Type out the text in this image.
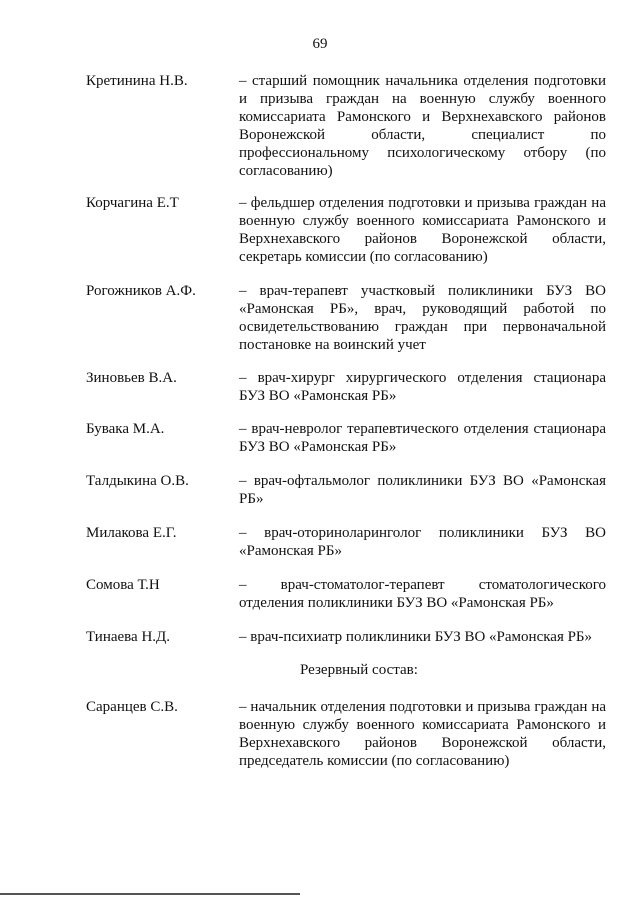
69
Кретинина Н.В.	– старший помощник начальника отделения подготовки и призыва граждан на военную службу военного комиссариата Рамонского и Верхнехавского районов Воронежской области, специалист по профессиональному психологическому отбору (по согласованию)
Корчагина Е.Т	– фельдшер отделения подготовки и призыва граждан на военную службу военного комиссариата Рамонского и Верхнехавского районов Воронежской области, секретарь комиссии (по согласованию)
Рогожников А.Ф.	– врач-терапевт участковый поликлиники БУЗ ВО «Рамонская РБ», врач, руководящий работой по освидетельствованию граждан при первоначальной постановке на воинский учет
Зиновьев В.А.	– врач-хирург хирургического отделения стационара БУЗ ВО «Рамонская РБ»
Бувака М.А.	– врач-невролог терапевтического отделения стационара БУЗ ВО «Рамонская РБ»
Талдыкина О.В.	– врач-офтальмолог поликлиники БУЗ ВО «Рамонская РБ»
Милакова Е.Г.	– врач-оториноларинголог поликлиники БУЗ ВО «Рамонская РБ»
Сомова Т.Н	– врач-стоматолог-терапевт стоматологического отделения поликлиники БУЗ ВО «Рамонская РБ»
Тинаева Н.Д.	– врач-психиатр поликлиники БУЗ ВО «Рамонская РБ»
Резервный состав:
Саранцев С.В.	– начальник отделения подготовки и призыва граждан на военную службу военного комиссариата Рамонского и Верхнехавского районов Воронежской области, председатель комиссии (по согласованию)
